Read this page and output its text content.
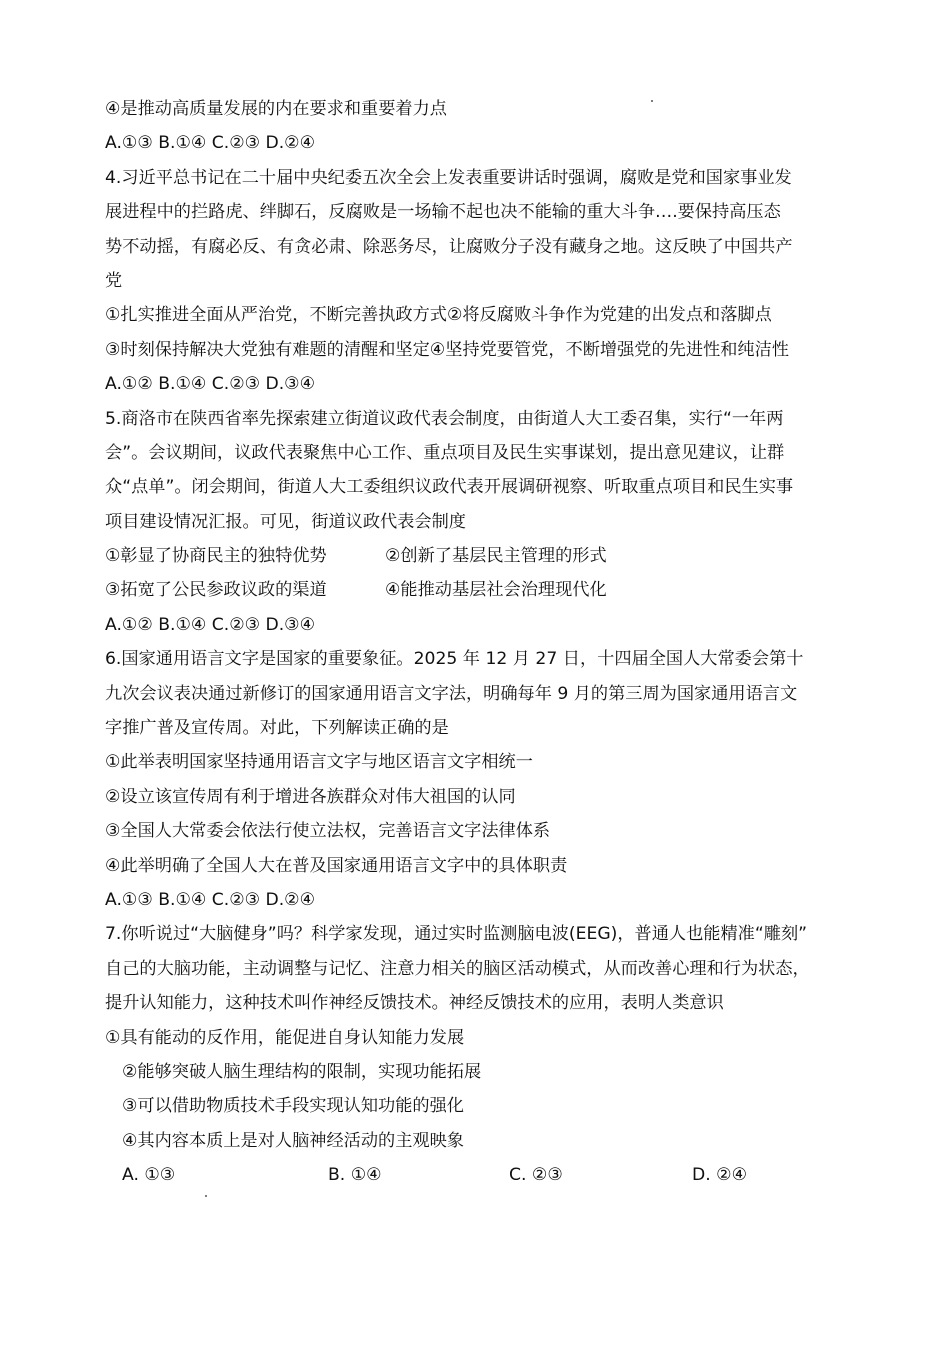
④是推动高质量发展的内在要求和重要着力点
A.①③ B.①④ C.②③ D.②④
4.习近平总书记在二十届中央纪委五次全会上发表重要讲话时强调，腐败是党和国家事业发
展进程中的拦路虎、绊脚石，反腐败是一场输不起也决不能输的重大斗争….要保持高压态
势不动摇，有腐必反、有贪必肃、除恶务尽，让腐败分子没有藏身之地。这反映了中国共产
党
①扎实推进全面从严治党，不断完善执政方式②将反腐败斗争作为党建的出发点和落脚点
③时刻保持解决大党独有难题的清醒和坚定④坚持党要管党，不断增强党的先进性和纯洁性
A.①② B.①④ C.②③ D.③④
5.商洛市在陕西省率先探索建立街道议政代表会制度，由街道人大工委召集，实行“一年两
会”。会议期间，议政代表聚焦中心工作、重点项目及民生实事谋划，提出意见建议，让群
众“点单”。闭会期间，街道人大工委组织议政代表开展调研视察、听取重点项目和民生实事
项目建设情况汇报。可见，街道议政代表会制度
①彰显了协商民主的独特优势	②创新了基层民主管理的形式
③拓宽了公民参政议政的渠道	④能推动基层社会治理现代化
A.①② B.①④ C.②③ D.③④
6.国家通用语言文字是国家的重要象征。2025 年 12 月 27 日，十四届全国人大常委会第十
九次会议表决通过新修订的国家通用语言文字法，明确每年 9 月的第三周为国家通用语言文
字推广普及宣传周。对此，下列解读正确的是
①此举表明国家坚持通用语言文字与地区语言文字相统一
②设立该宣传周有利于增进各族群众对伟大祖国的认同
③全国人大常委会依法行使立法权，完善语言文字法律体系
④此举明确了全国人大在普及国家通用语言文字中的具体职责
A.①③ B.①④ C.②③ D.②④
7.你听说过“大脑健身”吗？科学家发现，通过实时监测脑电波(EEG)，普通人也能精准“雕刻”
自己的大脑功能，主动调整与记忆、注意力相关的脑区活动模式，从而改善心理和行为状态，
提升认知能力，这种技术叫作神经反馈技术。神经反馈技术的应用，表明人类意识
①具有能动的反作用，能促进自身认知能力发展
②能够突破人脑生理结构的限制，实现功能拓展
③可以借助物质技术手段实现认知功能的强化
④其内容本质上是对人脑神经活动的主观映象
A. ①③	B. ①④	C. ②③	D. ②④
